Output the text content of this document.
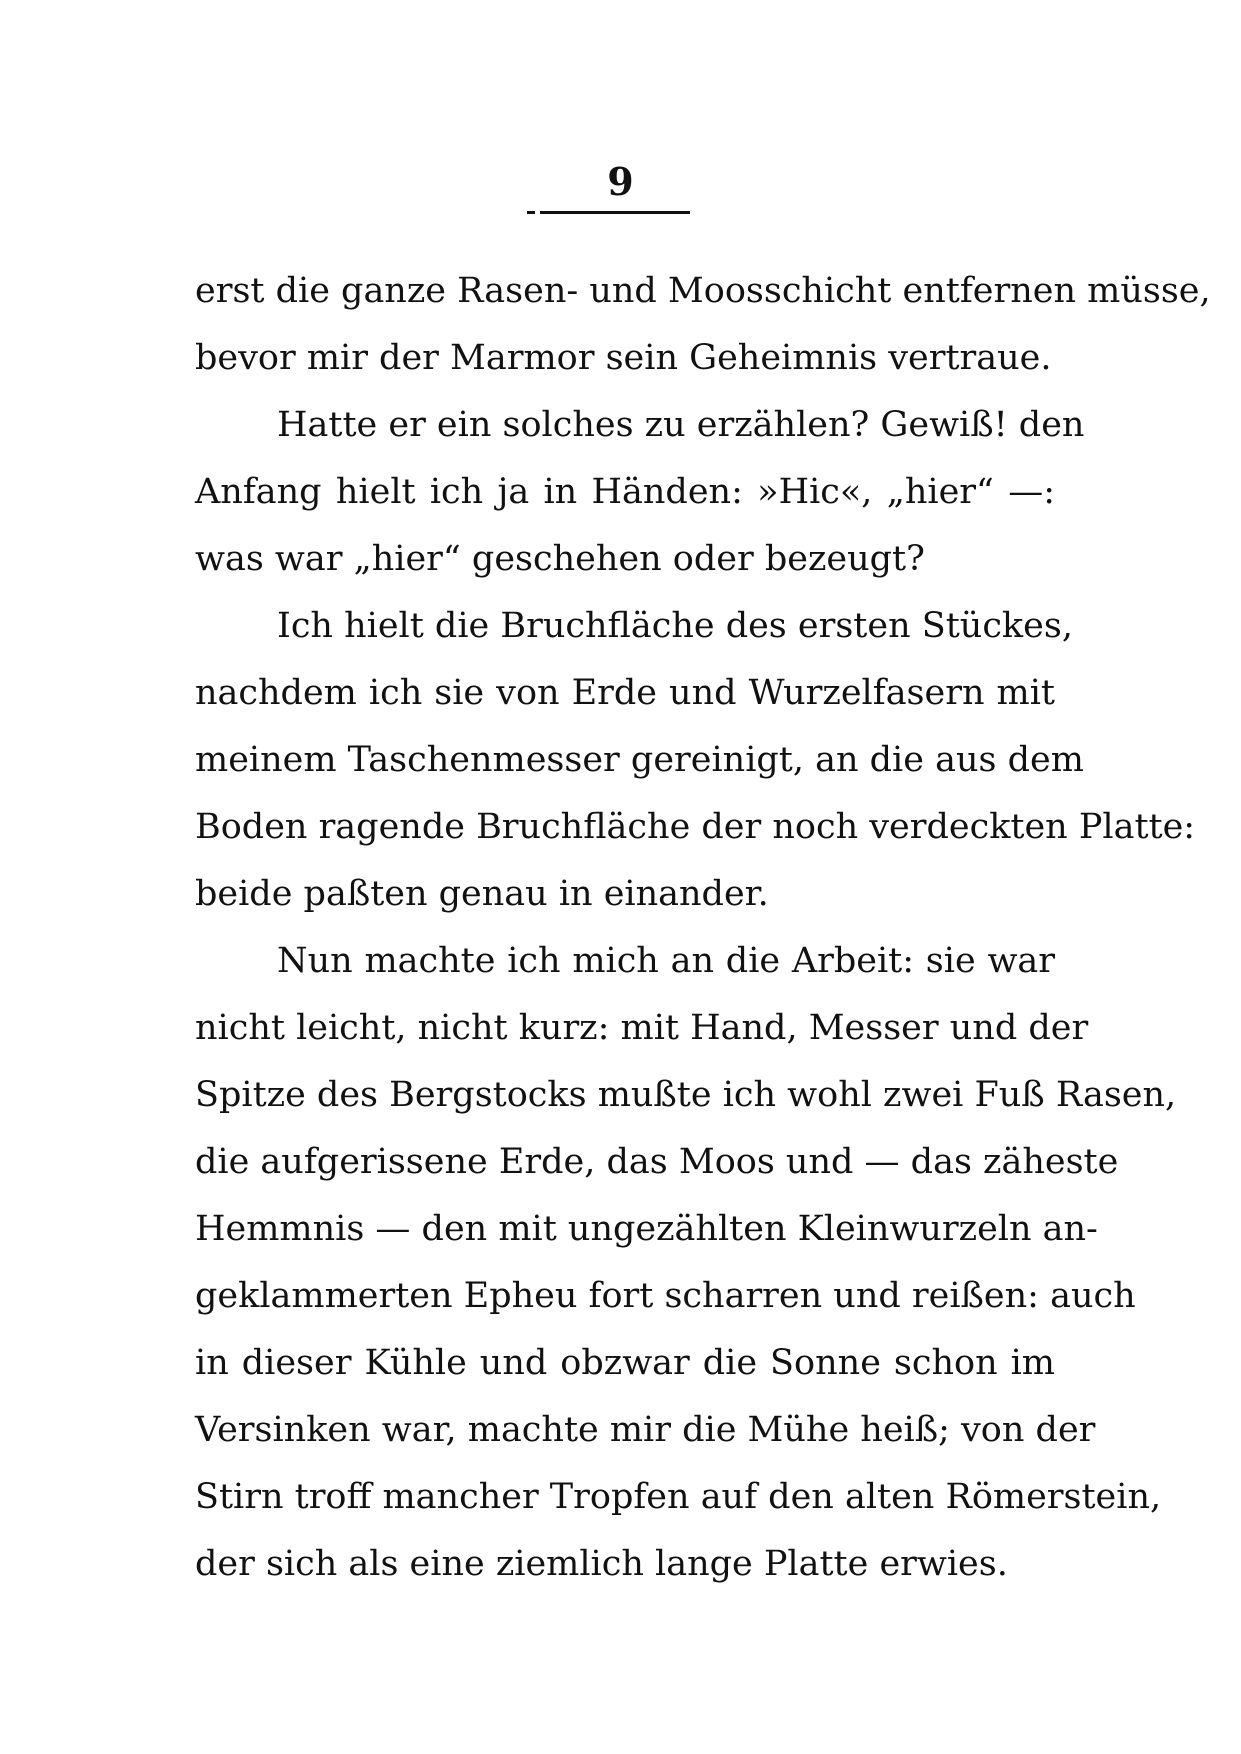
9
erst die ganze Rasen- und Moosschicht entfernen müsse,
bevor mir der Marmor sein Geheimnis vertraue.
Hatte er ein solches zu erzählen? Gewiß! den
Anfang hielt ich ja in Händen: »Hic«, „hier“ —:
was war „hier“ geschehen oder bezeugt?
Ich hielt die Bruchfläche des ersten Stückes,
nachdem ich sie von Erde und Wurzelfasern mit
meinem Taschenmesser gereinigt, an die aus dem
Boden ragende Bruchfläche der noch verdeckten Platte:
beide paßten genau in einander.
Nun machte ich mich an die Arbeit: sie war
nicht leicht, nicht kurz: mit Hand, Messer und der
Spitze des Bergstocks mußte ich wohl zwei Fuß Rasen,
die aufgerissene Erde, das Moos und — das zäheste
Hemmnis — den mit ungezählten Kleinwurzeln an-
geklammerten Epheu fort scharren und reißen: auch
in dieser Kühle und obzwar die Sonne schon im
Versinken war, machte mir die Mühe heiß; von der
Stirn troff mancher Tropfen auf den alten Römerstein,
der sich als eine ziemlich lange Platte erwies.
